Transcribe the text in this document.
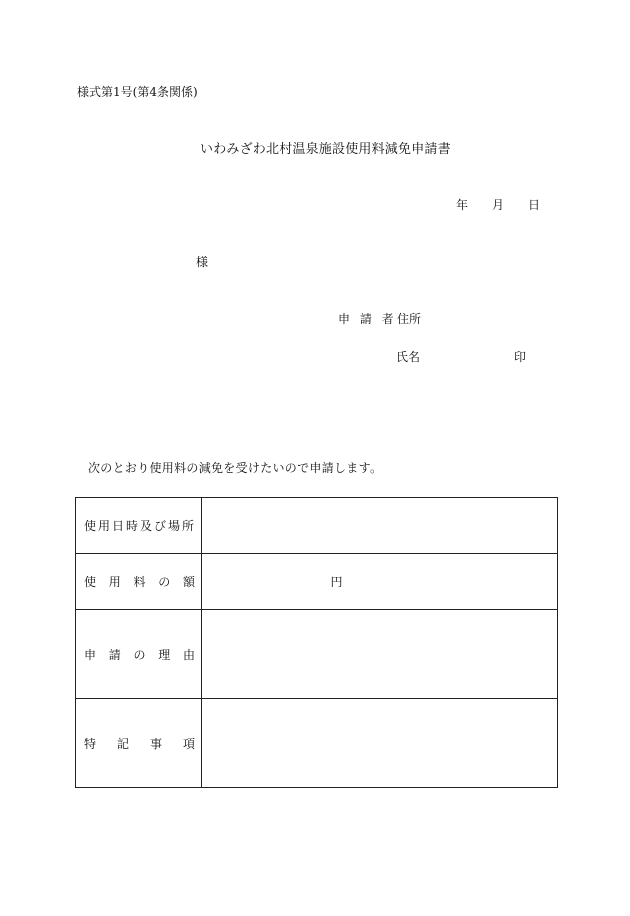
様式第1号(第4条関係)
いわみざわ北村温泉施設使用料減免申請書
年 月 日
様
申 請 者 住所
氏名	印
次のとおり使用料の減免を受けたいので申請します。
使用日時及び場所	

使用料の額	円

申請の理由	

特記事項	
